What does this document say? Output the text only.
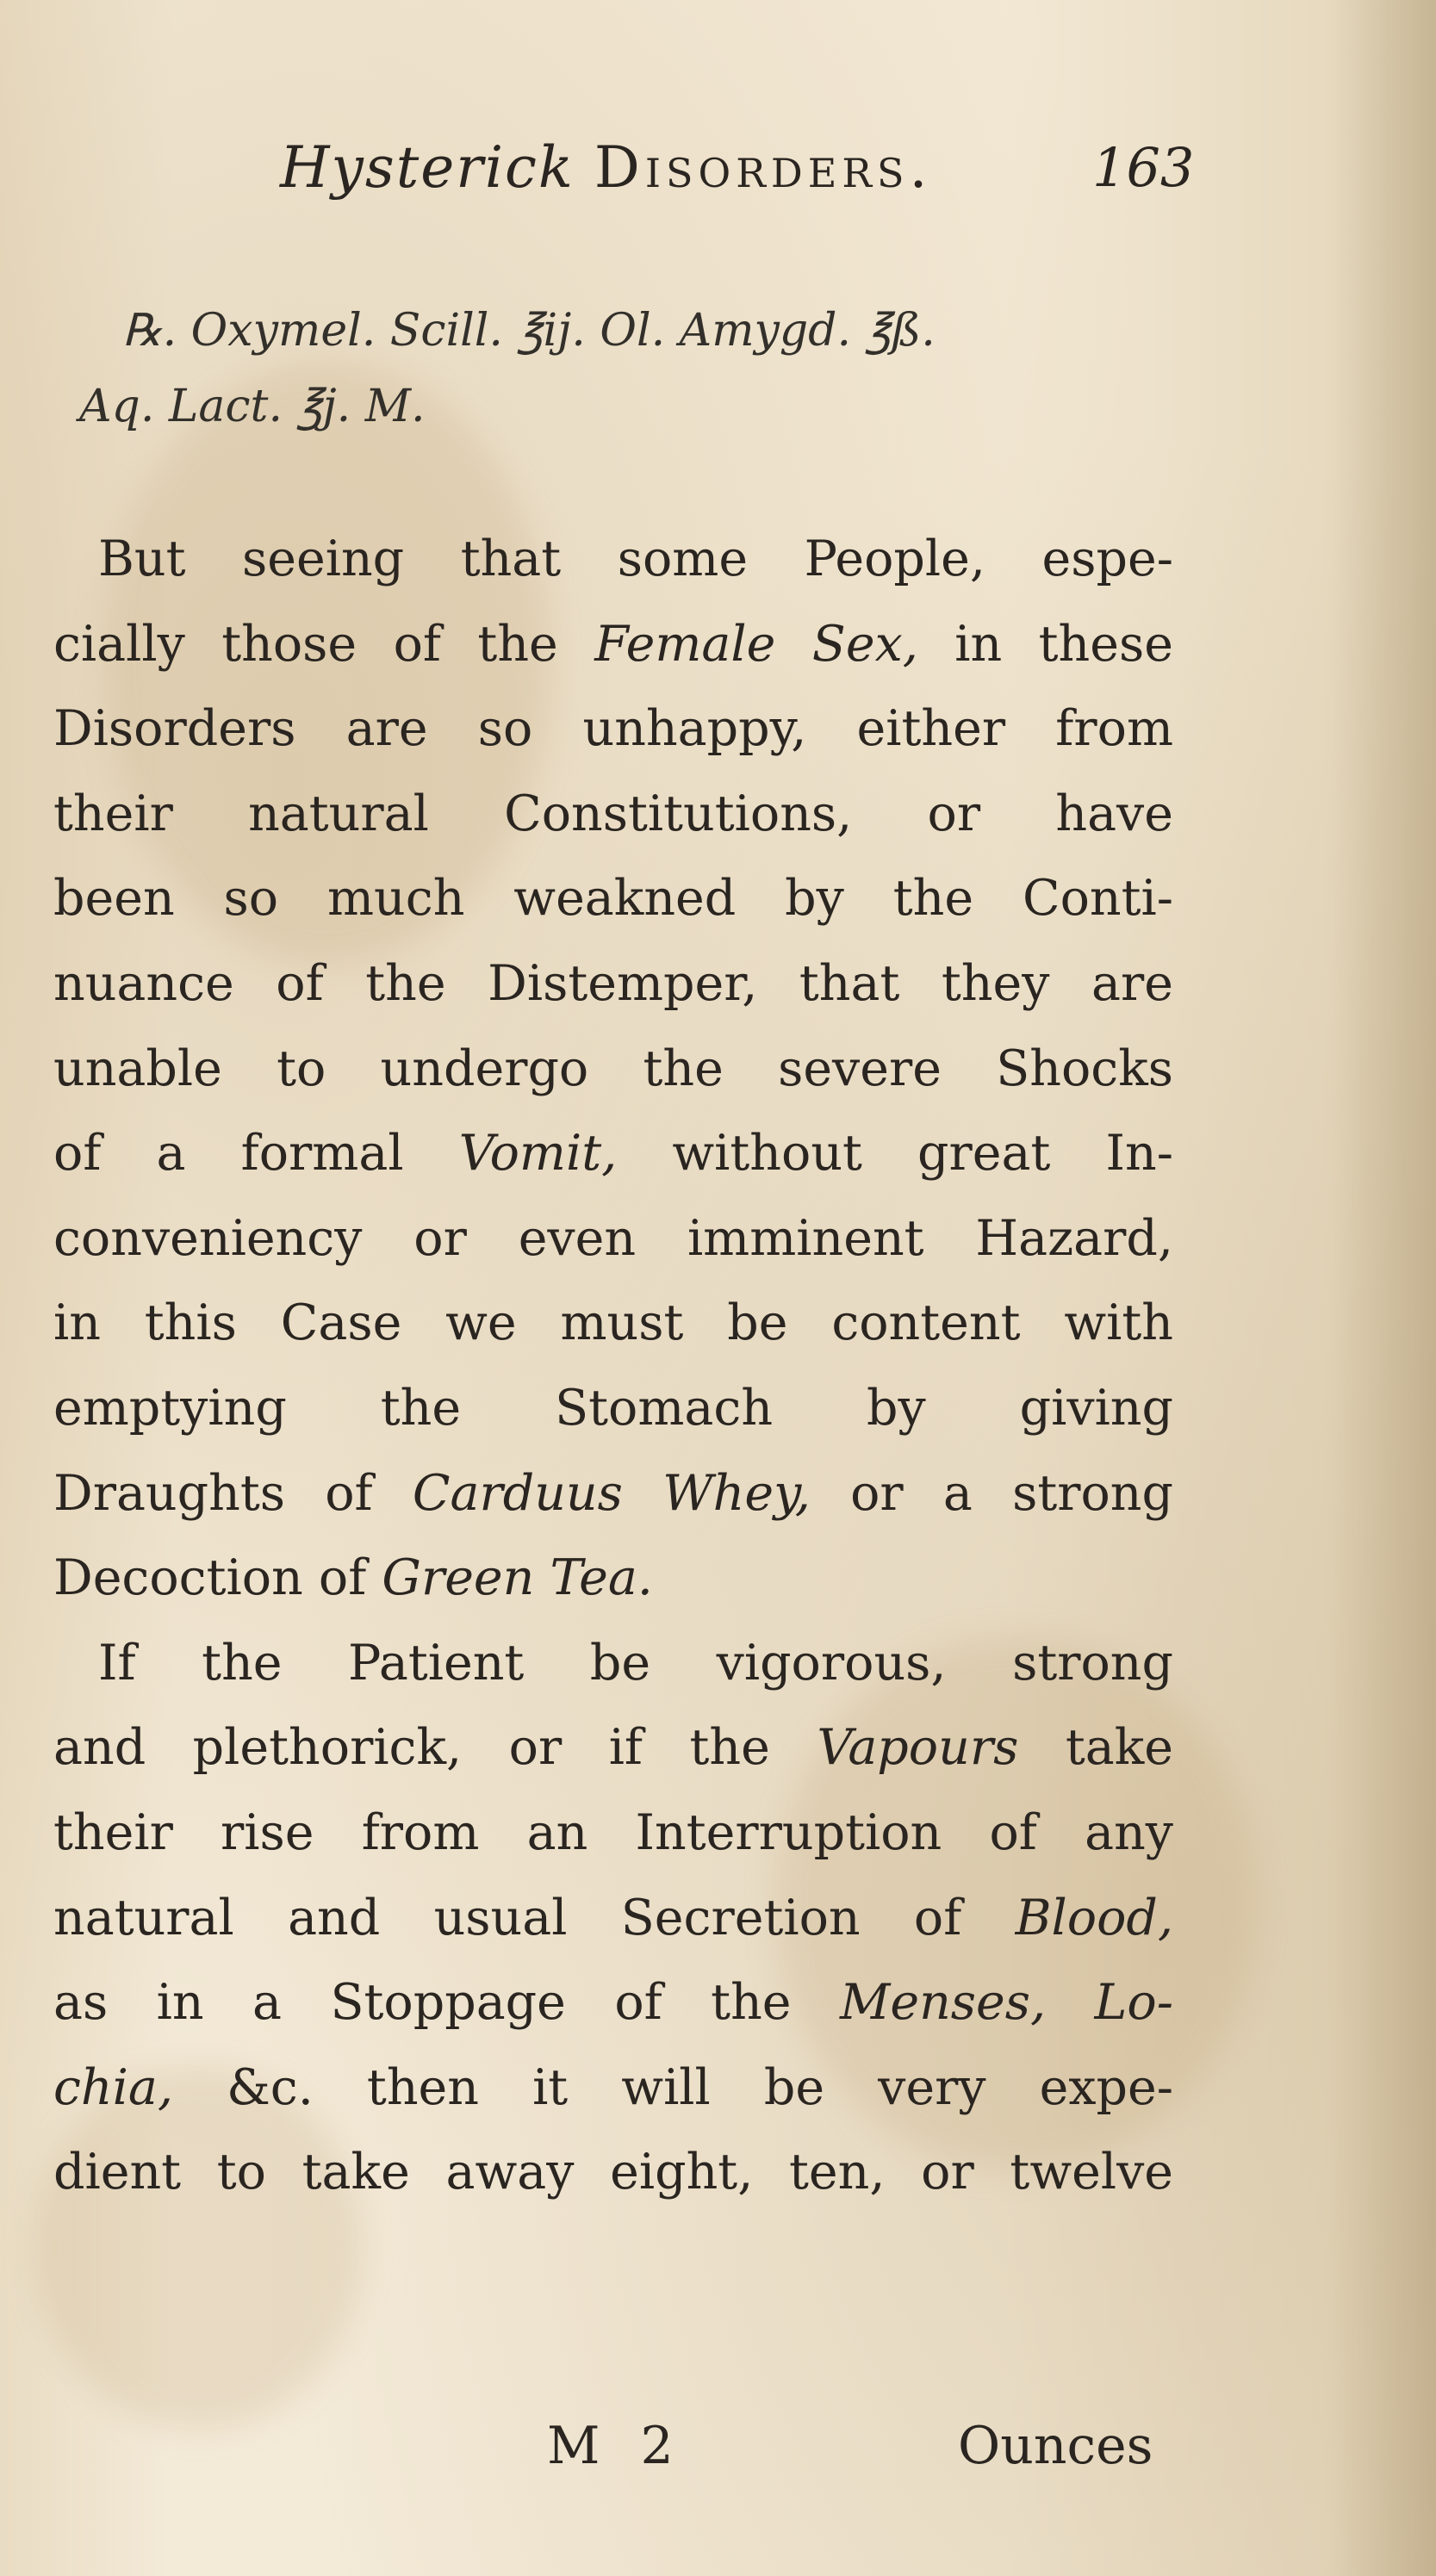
Hysterick Disorders.	163
℞. Oxymel. Scill. ℥ij. Ol. Amygd. ℥ß.
Aq. Lact. ℥j. M.
But seeing that some People, espe-
cially those of the Female Sex, in these
Disorders are so unhappy, either from
their natural Constitutions, or have
been so much weakned by the Conti-
nuance of the Distemper, that they are
unable to undergo the severe Shocks
of a formal Vomit, without great In-
conveniency or even imminent Hazard,
in this Case we must be content with
emptying the Stomach by giving
Draughts of Carduus Whey, or a strong
Decoction of Green Tea.
If the Patient be vigorous, strong
and plethorick, or if the Vapours take
their rise from an Interruption of any
natural and usual Secretion of Blood,
as in a Stoppage of the Menses, Lo-
chia, &c. then it will be very expe-
dient to take away eight, ten, or twelve
M 2	Ounces
